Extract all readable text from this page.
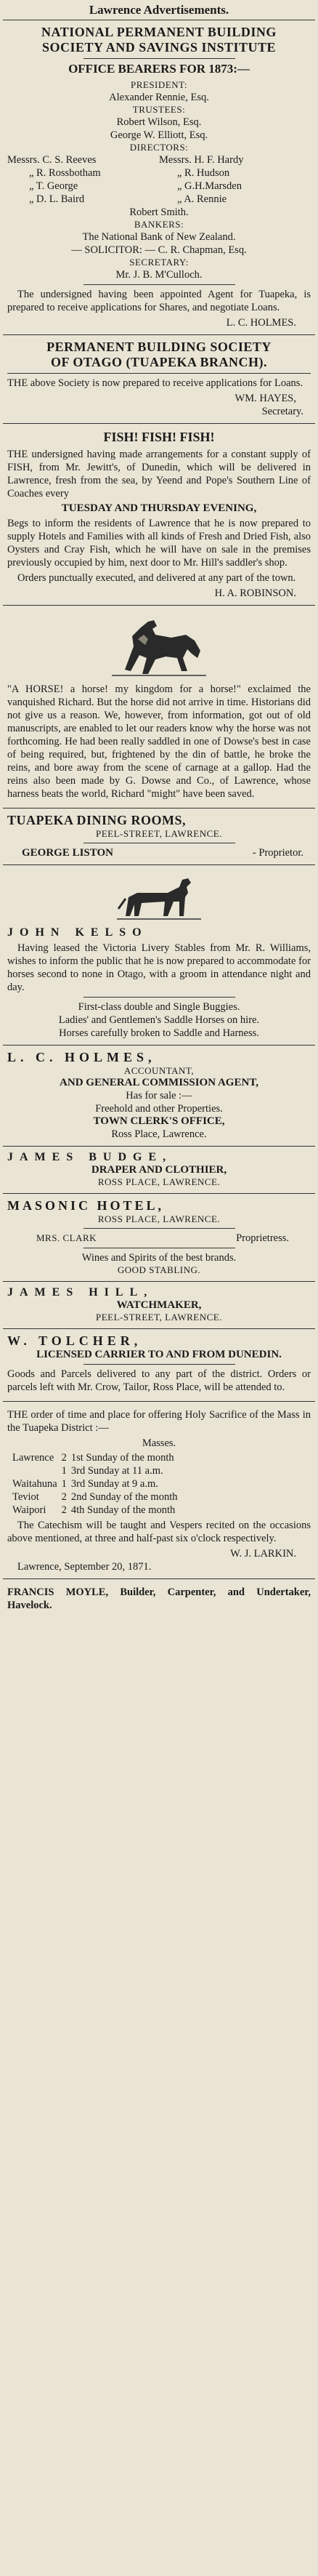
Lawrence Advertisements.
NATIONAL PERMANENT BUILDING
SOCIETY AND SAVINGS INSTITUTE
OFFICE BEARERS FOR 1873:—
PRESIDENT:
Alexander Rennie, Esq.
TRUSTEES:
Robert Wilson, Esq.
George W. Elliott, Esq.
DIRECTORS:
Messrs. C. S. Reeves	Messrs. H. F. Hardy
„ R. Rossbotham	„ R. Hudson
„ T. George	„ G.H.Marsden
„ D. L. Baird	„ A. Rennie
Robert Smith.
BANKERS:
The National Bank of New Zealand.
— SOLICITOR: — C. R. Chapman, Esq.
SECRETARY:
Mr. J. B. M'Culloch.
The undersigned having been appointed Agent for Tuapeka, is prepared to receive applications for Shares, and negotiate Loans.
L. C. HOLMES.
PERMANENT BUILDING SOCIETY
OF OTAGO (TUAPEKA BRANCH).
THE above Society is now prepared to receive applications for Loans.
WM. HAYES,
Secretary.
FISH! FISH! FISH!
THE undersigned having made arrangements for a constant supply of FISH, from Mr. Jewitt's, of Dunedin, which will be delivered in Lawrence, fresh from the sea, by Yeend and Pope's Southern Line of Coaches every
TUESDAY AND THURSDAY EVENING,
Begs to inform the residents of Lawrence that he is now prepared to supply Hotels and Families with all kinds of Fresh and Dried Fish, also Oysters and Cray Fish, which he will have on sale in the premises previously occupied by him, next door to Mr. Hill's saddler's shop.
Orders punctually executed, and delivered at any part of the town.
H. A. ROBINSON.
"A HORSE! a horse! my kingdom for a horse!" exclaimed the vanquished Richard. But the horse did not arrive in time. Historians did not give us a reason. We, however, from information, got out of old manuscripts, are enabled to let our readers know why the horse was not forthcoming. He had been really saddled in one of Dowse's best in case of being required, but, frightened by the din of battle, he broke the reins, and bore away from the scene of carnage at a gallop. Had the reins also been made by G. Dowse and Co., of Lawrence, whose harness beats the world, Richard "might" have been saved.
TUAPEKA DINING ROOMS,
PEEL-STREET, LAWRENCE.
GEORGE LISTON	- Proprietor.
JOHN KELSO
Having leased the Victoria Livery Stables from Mr. R. Williams, wishes to inform the public that he is now prepared to accommodate for horses second to none in Otago, with a groom in attendance night and day.
First-class double and Single Buggies.
Ladies' and Gentlemen's Saddle Horses on hire.
Horses carefully broken to Saddle and Harness.
L. C. HOLMES,
ACCOUNTANT,
AND GENERAL COMMISSION AGENT,
Has for sale :—
Freehold and other Properties.
TOWN CLERK'S OFFICE,
Ross Place, Lawrence.
JAMES BUDGE,
DRAPER AND CLOTHIER,
ROSS PLACE, LAWRENCE.
MASONIC HOTEL,
ROSS PLACE, LAWRENCE.
MRS. CLARK	Proprietress.
Wines and Spirits of the best brands.
GOOD STABLING.
JAMES HILL,
WATCHMAKER,
PEEL-STREET, LAWRENCE.
W. TOLCHER,
LICENSED CARRIER TO AND FROM DUNEDIN.
Goods and Parcels delivered to any part of the district. Orders or parcels left with Mr. Crow, Tailor, Ross Place, will be attended to.
THE order of time and place for offering Holy Sacrifice of the Mass in the Tuapeka District :—
Masses.
Lawrence	2	1st Sunday of the month
	1	3rd Sunday at 11 a.m.
Waitahuna	1	3rd Sunday at 9 a.m.
Teviot	2	2nd Sunday of the month
Waipori	2	4th Sunday of the month
The Catechism will be taught and Vespers recited on the occasions above mentioned, at three and half-past six o'clock respectively.
W. J. LARKIN.
Lawrence, September 20, 1871.
FRANCIS MOYLE, Builder, Carpenter, and Undertaker, Havelock.
